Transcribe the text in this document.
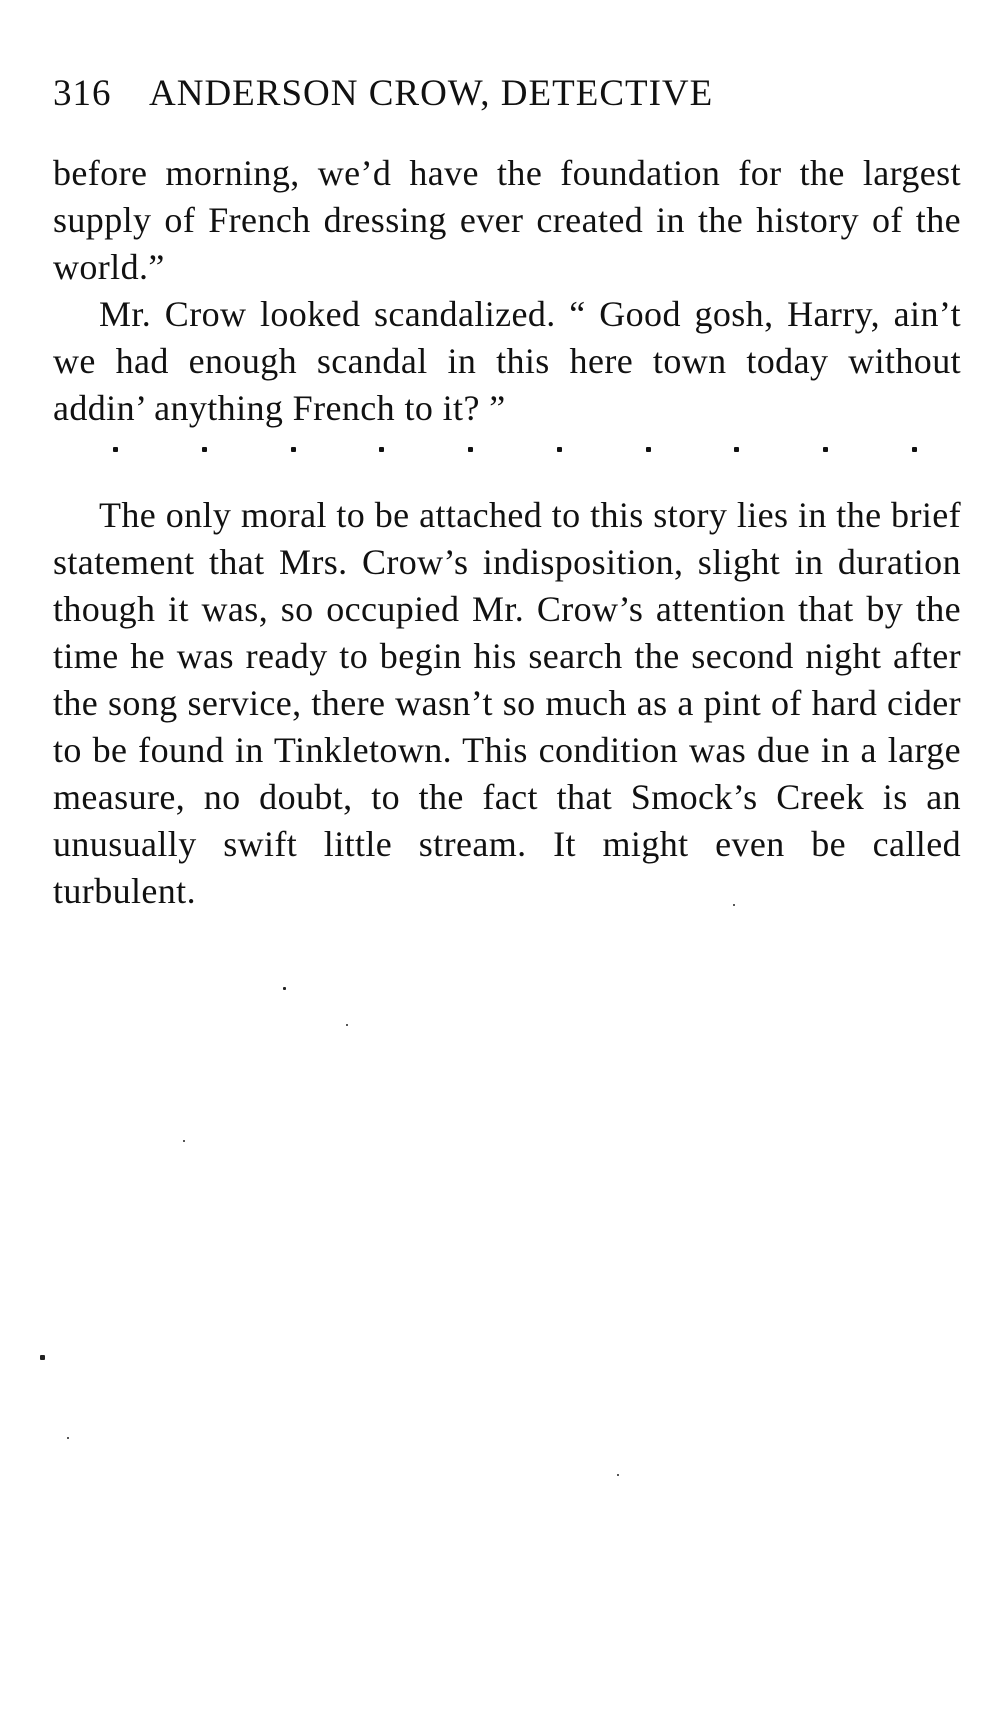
316 ANDERSON CROW, DETECTIVE

before morning, we’d have the foundation for the largest supply of French dressing ever created in the history of the world.”

Mr. Crow looked scandalized. “ Good gosh, Harry, ain’t we had enough scandal in this here town today without addin’ anything French to it? ”

The only moral to be attached to this story lies in the brief statement that Mrs. Crow’s indisposition, slight in duration though it was, so occupied Mr. Crow’s attention that by the time he was ready to begin his search the second night after the song service, there wasn’t so much as a pint of hard cider to be found in Tinkletown. This condition was due in a large measure, no doubt, to the fact that Smock’s Creek is an unusually swift little stream. It might even be called turbulent.
